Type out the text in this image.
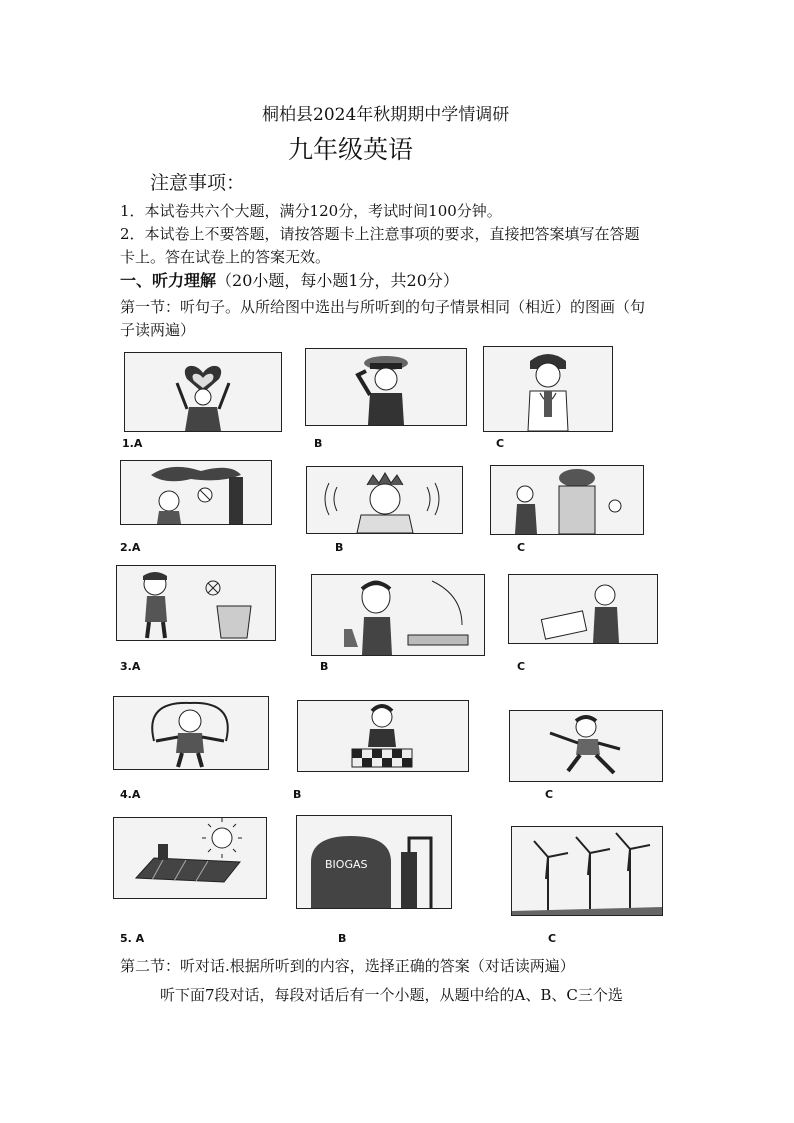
桐柏县2024年秋期期中学情调研
九年级英语
注意事项：
1．本试卷共六个大题，满分120分，考试时间100分钟。
2．本试卷上不要答题，请按答题卡上注意事项的要求，直接把答案填写在答题
卡上。答在试卷上的答案无效。
一、听力理解（20小题，每小题1分，共20分）
第一节：听句子。从所给图中选出与所听到的句子情景相同（相近）的图画（句
子读两遍）
1.A	B	C
2.A	B	C
3.A	B	C
4.A	B	C
BIOGAS
5. A	B	C
第二节：听对话.根据所听到的内容，选择正确的答案（对话读两遍）
听下面7段对话，每段对话后有一个小题，从题中给的A、B、C三个选
